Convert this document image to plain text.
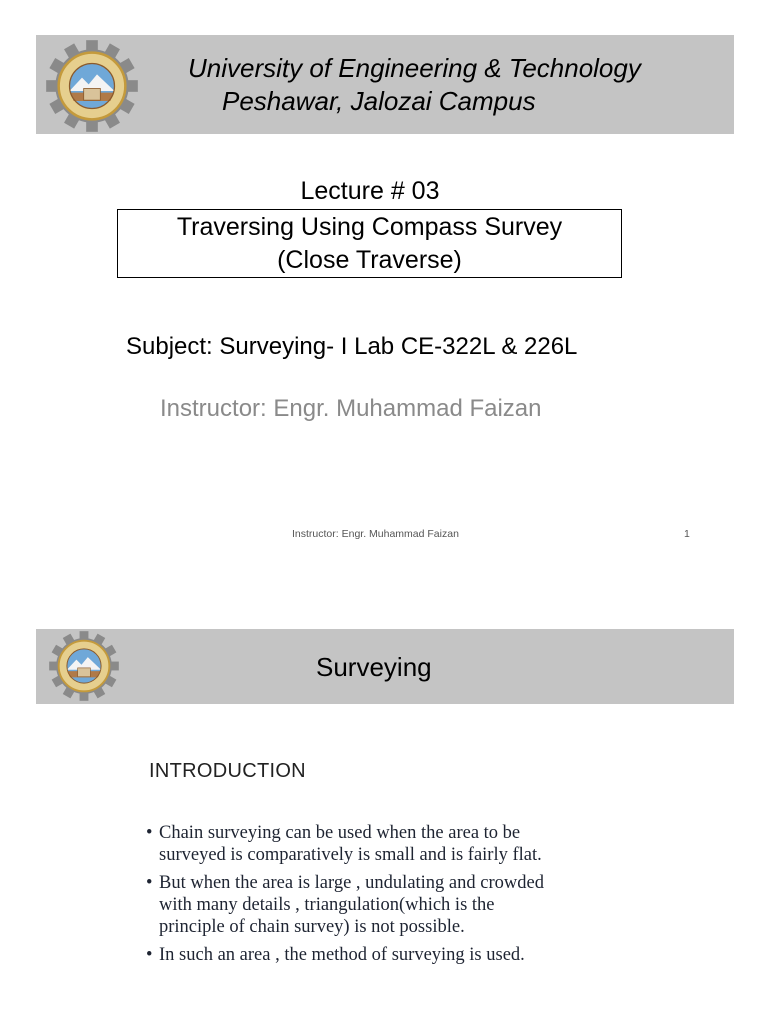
University of Engineering & Technology
Peshawar, Jalozai Campus
Lecture # 03
Traversing Using Compass Survey
(Close Traverse)
Subject: Surveying- I Lab CE-322L & 226L
Instructor: Engr. Muhammad Faizan
Instructor: Engr. Muhammad Faizan	1
Surveying
INTRODUCTION
• Chain surveying can be used when the area to be
surveyed is comparatively is small and is fairly flat.
• But when the area is large , undulating and crowded
with many details , triangulation(which is the
principle of chain survey) is not possible.
• In such an area , the method of surveying is used.
